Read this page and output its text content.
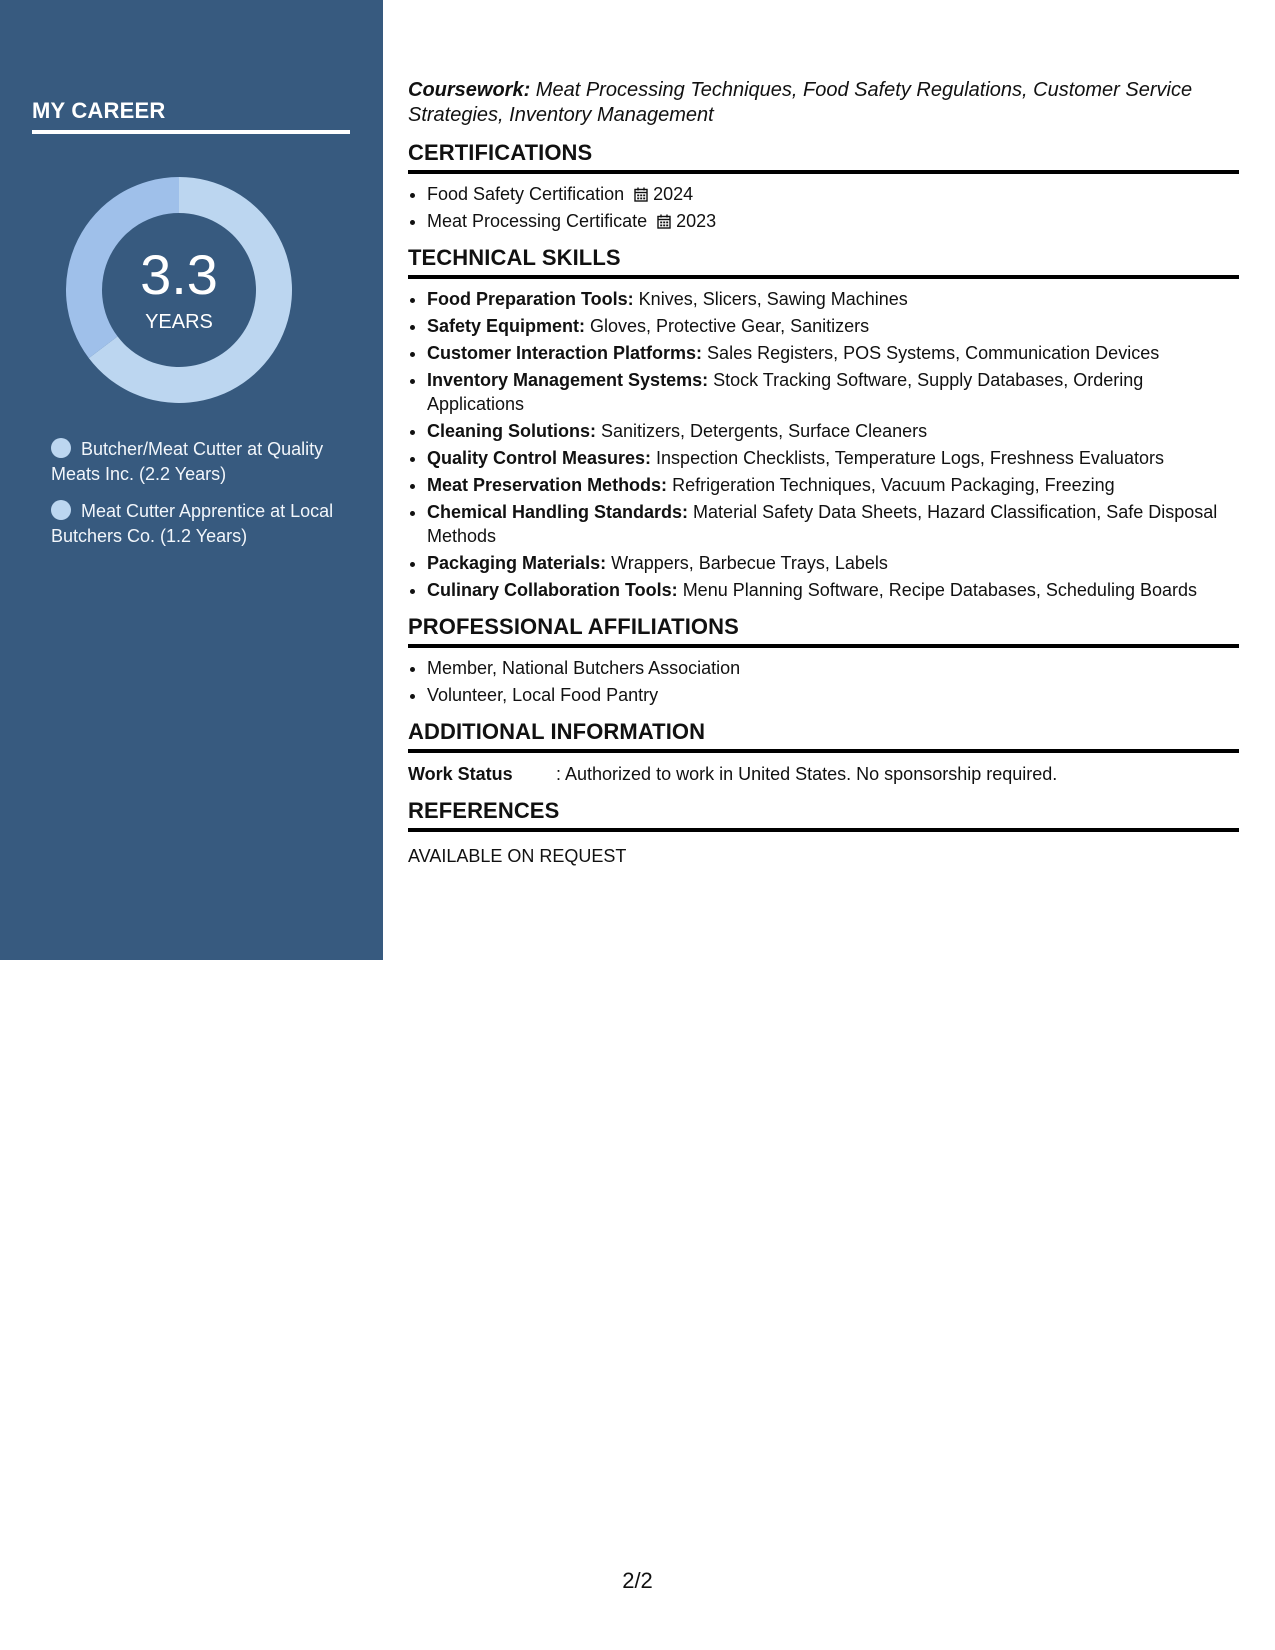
MY CAREER
3.3
YEARS
Butcher/Meat Cutter at Quality Meats Inc. (2.2 Years)
Meat Cutter Apprentice at Local Butchers Co. (1.2 Years)

Coursework: Meat Processing Techniques, Food Safety Regulations, Customer Service Strategies, Inventory Management

CERTIFICATIONS
• Food Safety Certification 2024
• Meat Processing Certificate 2023
TECHNICAL SKILLS
• Food Preparation Tools: Knives, Slicers, Sawing Machines
• Safety Equipment: Gloves, Protective Gear, Sanitizers
• Customer Interaction Platforms: Sales Registers, POS Systems, Communication Devices
• Inventory Management Systems: Stock Tracking Software, Supply Databases, Ordering Applications
• Cleaning Solutions: Sanitizers, Detergents, Surface Cleaners
• Quality Control Measures: Inspection Checklists, Temperature Logs, Freshness Evaluators
• Meat Preservation Methods: Refrigeration Techniques, Vacuum Packaging, Freezing
• Chemical Handling Standards: Material Safety Data Sheets, Hazard Classification, Safe Disposal Methods
• Packaging Materials: Wrappers, Barbecue Trays, Labels
• Culinary Collaboration Tools: Menu Planning Software, Recipe Databases, Scheduling Boards
PROFESSIONAL AFFILIATIONS
• Member, National Butchers Association
• Volunteer, Local Food Pantry
ADDITIONAL INFORMATION
Work Status : Authorized to work in United States. No sponsorship required.
REFERENCES
AVAILABLE ON REQUEST
2/2
